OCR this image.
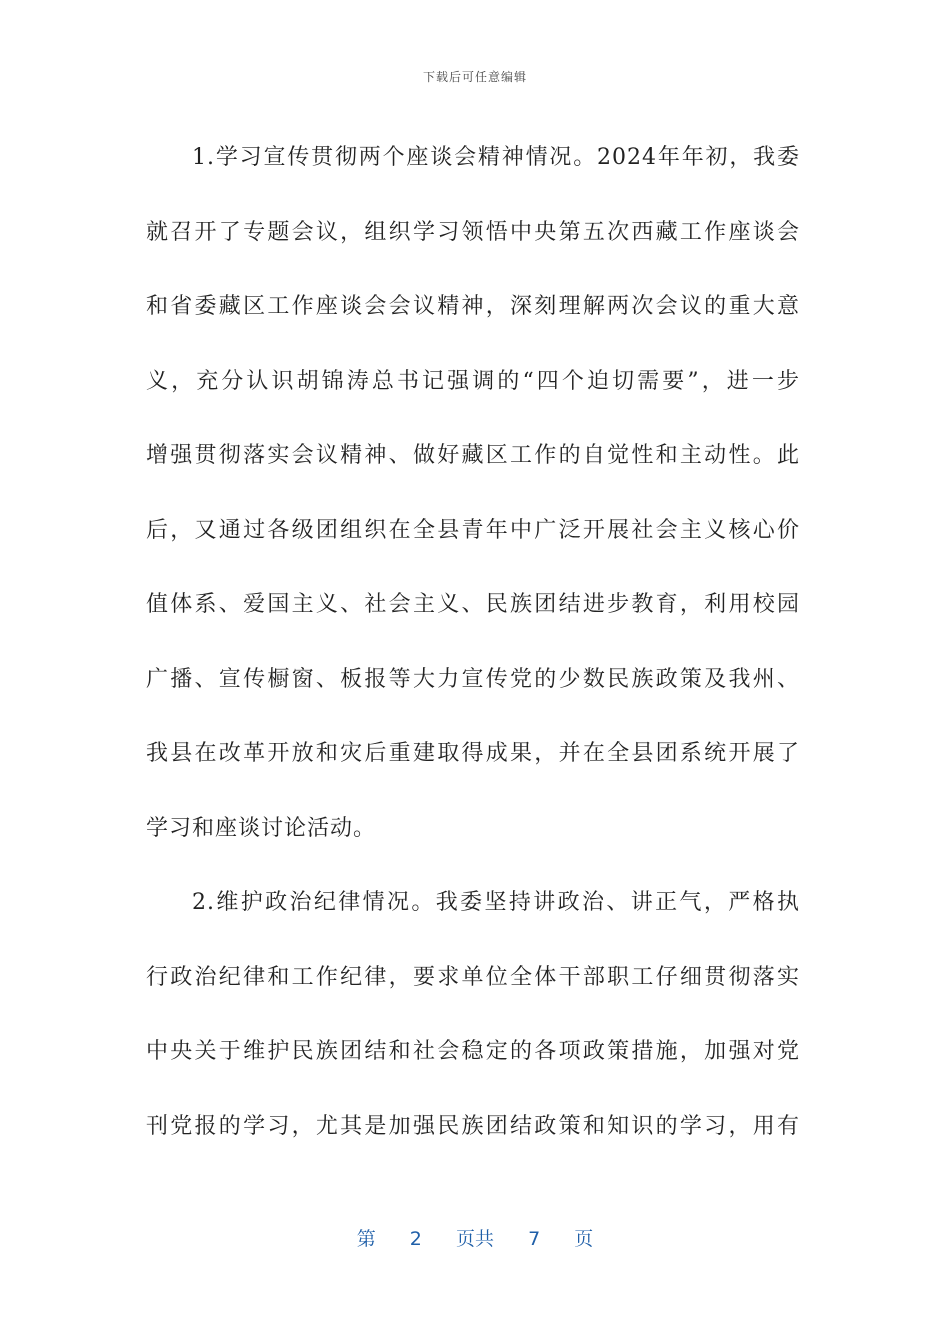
下载后可任意编辑
1.学习宣传贯彻两个座谈会精神情况。2024年年初，我委
就召开了专题会议，组织学习领悟中央第五次西藏工作座谈会
和省委藏区工作座谈会会议精神，深刻理解两次会议的重大意
义，充分认识胡锦涛总书记强调的“四个迫切需要”，进一步
增强贯彻落实会议精神、做好藏区工作的自觉性和主动性。此
后，又通过各级团组织在全县青年中广泛开展社会主义核心价
值体系、爱国主义、社会主义、民族团结进步教育，利用校园
广播、宣传橱窗、板报等大力宣传党的少数民族政策及我州、
我县在改革开放和灾后重建取得成果，并在全县团系统开展了
学习和座谈讨论活动。
2.维护政治纪律情况。我委坚持讲政治、讲正气，严格执
行政治纪律和工作纪律，要求单位全体干部职工仔细贯彻落实
中央关于维护民族团结和社会稳定的各项政策措施，加强对党
刊党报的学习，尤其是加强民族团结政策和知识的学习，用有
第 2 页共 7 页
